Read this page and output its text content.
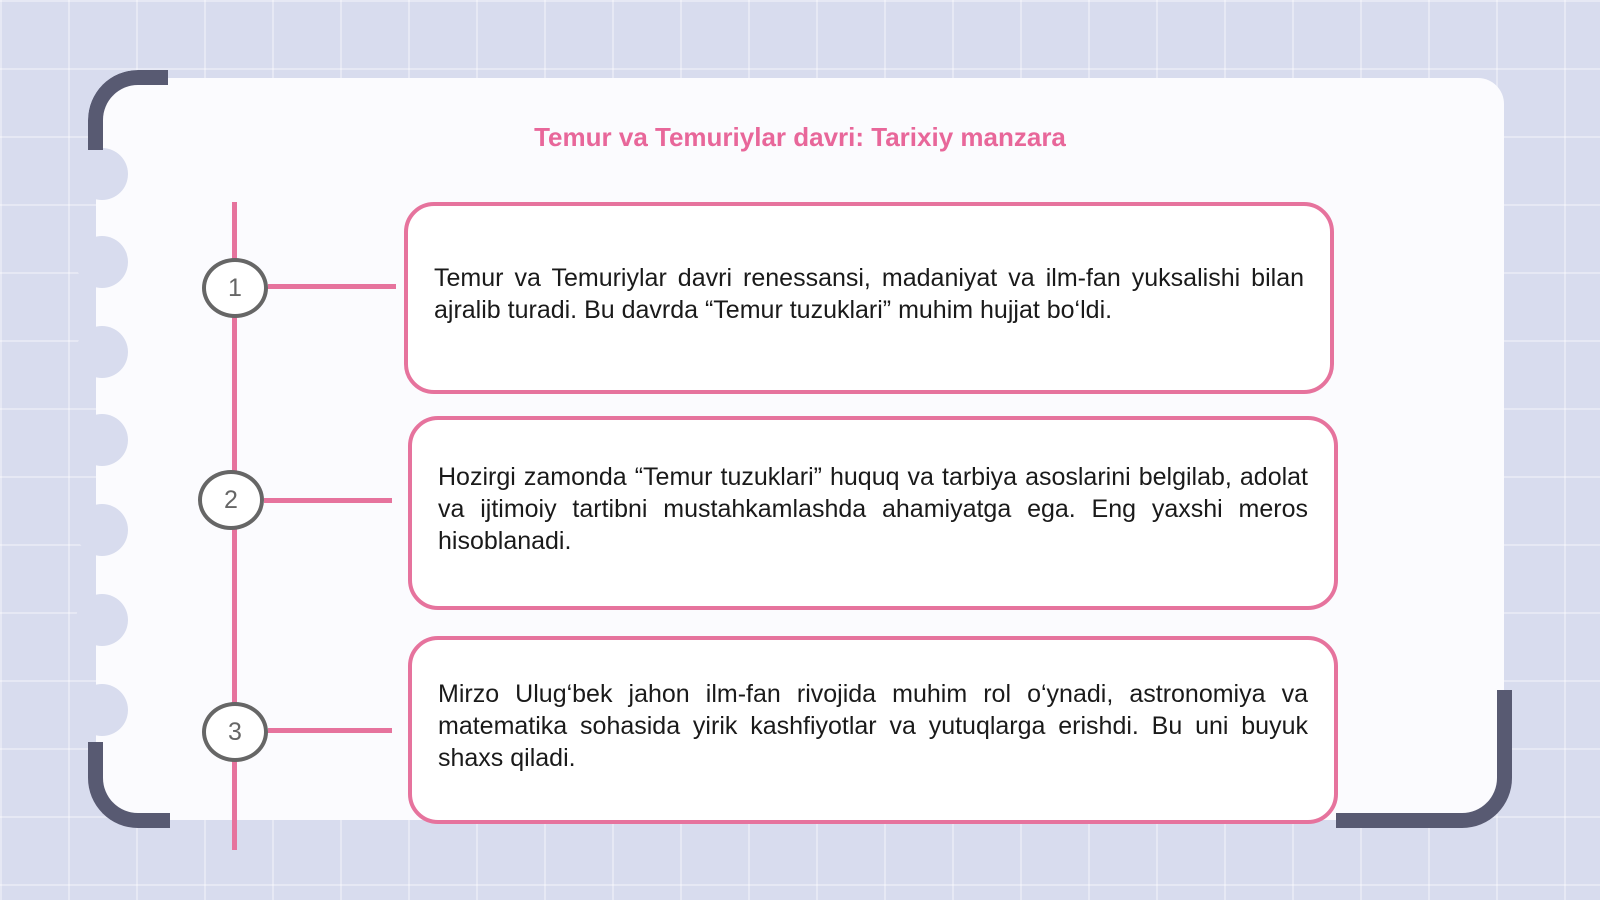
Temur va Temuriylar davri: Tarixiy manzara
1	Temur va Temuriylar davri renessansi, madaniyat va ilm-fan yuksalishi bilan ajralib turadi. Bu davrda “Temur tuzuklari” muhim hujjat bo‘ldi.
2
Hozirgi zamonda “Temur tuzuklari” huquq va tarbiya asoslarini belgilab, adolat va ijtimoiy tartibni mustahkamlashda ahamiyatga ega. Eng yaxshi meros hisoblanadi.
3
Mirzo Ulug‘bek jahon ilm-fan rivojida muhim rol o‘ynadi, astronomiya va matematika sohasida yirik kashfiyotlar va yutuqlarga erishdi. Bu uni buyuk shaxs qiladi.
